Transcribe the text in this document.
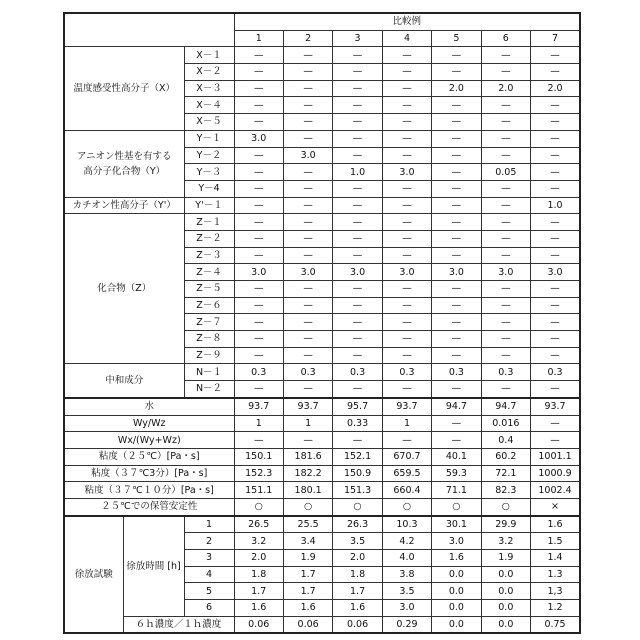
	比較例
1	2	3	4	5	6	7
温度感受性高分子（X）	X－１	—	—	—	—	—	—	—
X－２	—	—	—	—	—	—	—
X－３	—	—	—	—	2.0	2.0	2.0
X－４	—	—	—	—	—	—	—
X－５	—	—	—	—	—	—	—
アニオン性基を有する 高分子化合物（Y）	Y－１	3.0	—	—	—	—	—	—
Y－２	—	3.0	—	—	—	—	—
Y－３	—	—	1.0	3.0	—	0.05	—
Y－4	—	—	—	—	—	—	—
カチオン性高分子（Y'）	Y'－１	—	—	—	—	—	—	1.0
化合物（Z）	Z－１	—	—	—	—	—	—	—
Z－２	—	—	—	—	—	—	—
Z－３	—	—	—	—	—	—	—
Z－４	3.0	3.0	3.0	3.0	3.0	3.0	3.0
Z－５	—	—	—	—	—	—	—
Z－６	—	—	—	—	—	—	—
Z－７	—	—	—	—	—	—	—
Z－８	—	—	—	—	—	—	—
Z－９	—	—	—	—	—	—	—
中和成分	N－１	0.3	0.3	0.3	0.3	0.3	0.3	0.3
N－２	—	—	—	—	—	—	—
水	93.7	93.7	95.7	93.7	94.7	94.7	93.7
Wy/Wz	1	1	0.33	1	—	0.016	—
Wx/(Wy+Wz)	—	—	—	—	—	0.4	—
粘度（２５℃）[Pa・s]	150.1	181.6	152.1	670.7	40.1	60.2	1001.1
粘度（３７℃3分）[Pa・s]	152.3	182.2	150.9	659.5	59.3	72.1	1000.9
粘度（３７℃１０分）[Pa・s]	151.1	180.1	151.3	660.4	71.1	82.3	1002.4
２５℃での保管安定性	○	○	○	○	○	○	×
徐放試験	徐放時間 [h]	1	26.5	25.5	26.3	10.3	30.1	29.9	1.6
2	3.2	3.4	3.5	4.2	3.0	3.2	1.5
3	2.0	1.9	2.0	4.0	1.6	1.9	1.4
4	1.8	1.7	1.8	3.8	0.0	0.0	1.3
5	1.7	1.7	1.7	3.5	0.0	0.0	1,3
6	1.6	1.6	1.6	3.0	0.0	0.0	1.2
６ｈ濃度／１ｈ濃度	0.06	0.06	0.06	0.29	0.0	0.0	0.75
